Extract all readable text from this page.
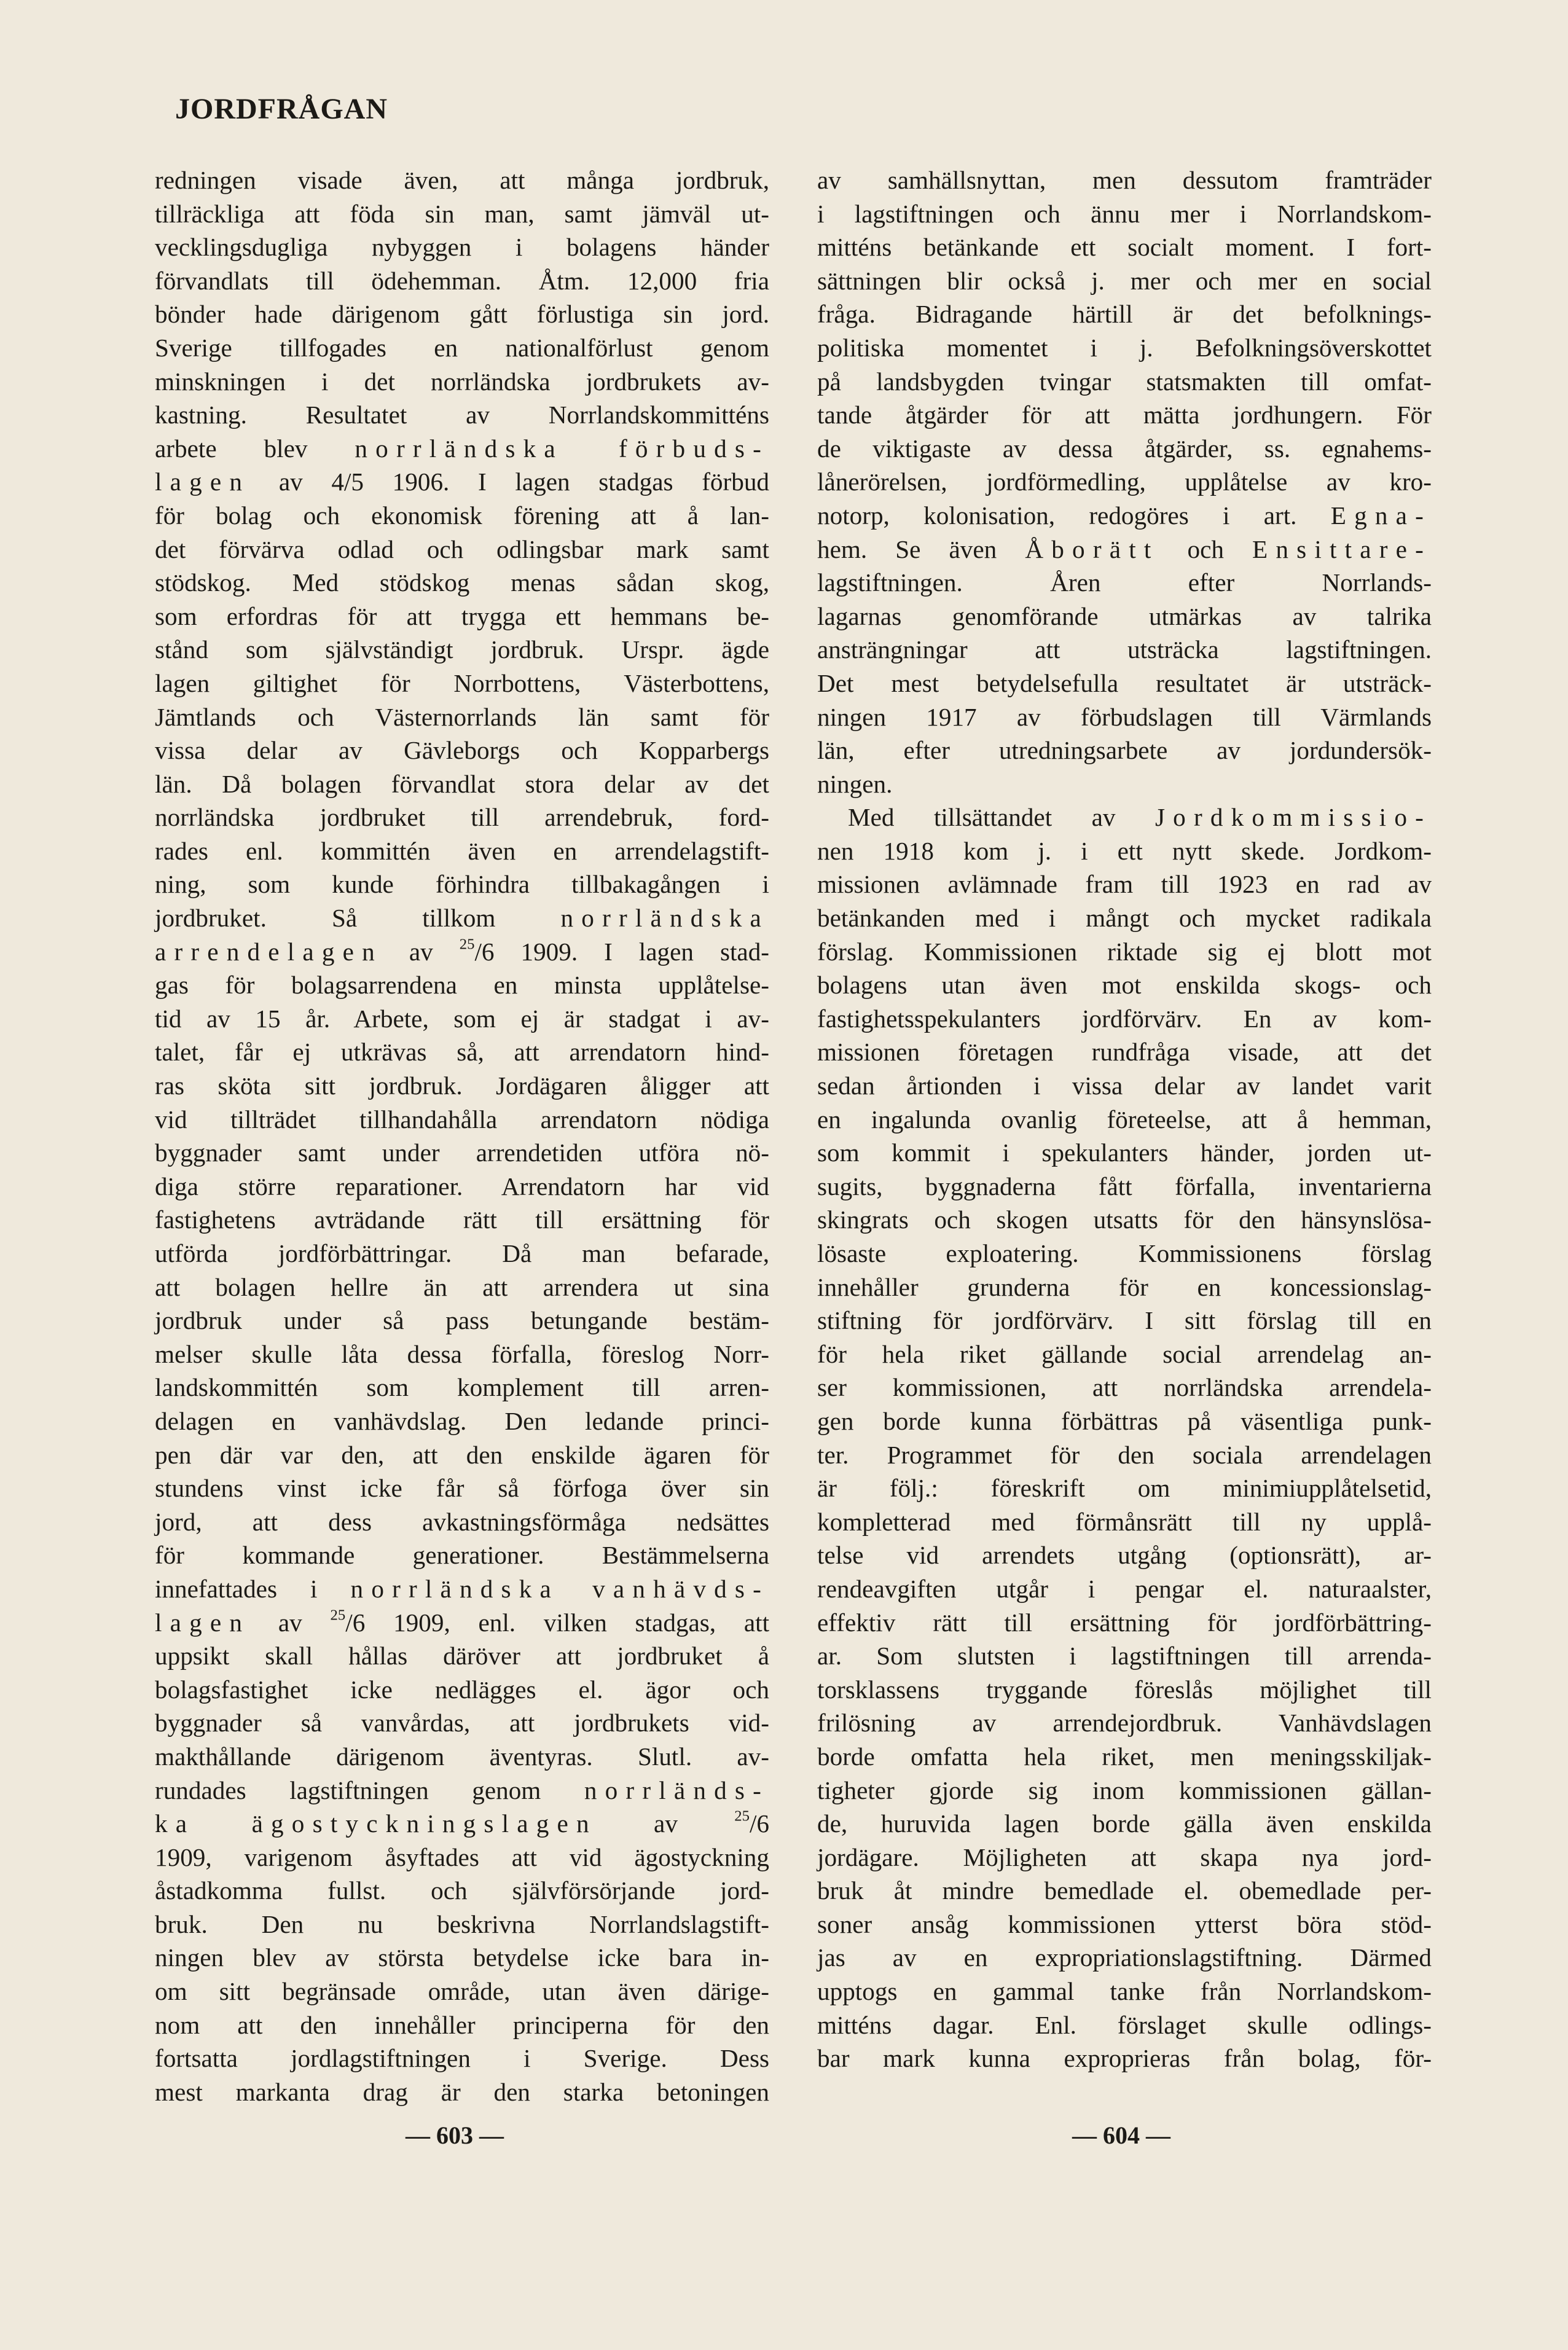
JORDFRÅGAN
redningen visade även, att många jordbruk,
tillräckliga att föda sin man, samt jämväl ut-
vecklingsdugliga nybyggen i bolagens händer
förvandlats till ödehemman. Åtm. 12,000 fria
bönder hade därigenom gått förlustiga sin jord.
Sverige tillfogades en nationalförlust genom
minskningen i det norrländska jordbrukets av-
kastning. Resultatet av Norrlandskommitténs
arbete blev norrländska förbuds-
lagen av 4/5 1906. I lagen stadgas förbud
för bolag och ekonomisk förening att å lan-
det förvärva odlad och odlingsbar mark samt
stödskog. Med stödskog menas sådan skog,
som erfordras för att trygga ett hemmans be-
stånd som självständigt jordbruk. Urspr. ägde
lagen giltighet för Norrbottens, Västerbottens,
Jämtlands och Västernorrlands län samt för
vissa delar av Gävleborgs och Kopparbergs
län. Då bolagen förvandlat stora delar av det
norrländska jordbruket till arrendebruk, ford-
rades enl. kommittén även en arrendelagstift-
ning, som kunde förhindra tillbakagången i
jordbruket. Så tillkom	norrländska
arrendelagen av $^{25}$/6 1909. I lagen stad-
gas för bolagsarrendena en minsta upplåtelse-
tid av 15 år. Arbete, som ej är stadgat i av-
talet, får ej utkrävas så, att arrendatorn hind-
ras sköta sitt jordbruk. Jordägaren åligger att
vid tillträdet tillhandahålla arrendatorn nödiga
byggnader samt under arrendetiden utföra nö-
diga större reparationer. Arrendatorn har vid
fastighetens avträdande rätt till ersättning för
utförda jordförbättringar. Då man befarade,
att bolagen hellre än att arrendera ut sina
jordbruk under så pass betungande bestäm-
melser skulle låta dessa förfalla, föreslog Norr-
landskommittén som komplement till arren-
delagen en vanhävdslag. Den ledande princi-
pen där var den, att den enskilde ägaren för
stundens vinst icke får så förfoga över sin
jord, att dess avkastningsförmåga nedsättes
för kommande generationer. Bestämmelserna
innefattades i norrländska vanhävds-
lagen av $^{25}$/6 1909, enl. vilken stadgas, att
uppsikt skall hållas däröver att jordbruket å
bolagsfastighet icke nedlägges el. ägor och
byggnader så vanvårdas, att jordbrukets vid-
makthållande därigenom äventyras. Slutl. av-
rundades lagstiftningen genom norrländs-
ka ägostyckningslagen av	$^{25}$/6
1909, varigenom åsyftades att vid ägostyckning
åstadkomma fullst. och självförsörjande jord-
bruk. Den nu beskrivna Norrlandslagstift-
ningen blev av största betydelse icke bara in-
om sitt begränsade område, utan även därige-
nom att den innehåller principerna för den
fortsatta jordlagstiftningen i Sverige. Dess
mest markanta drag är den starka betoningen
av samhällsnyttan, men dessutom framträder
i lagstiftningen och ännu mer i Norrlandskom-
mitténs betänkande ett socialt moment. I fort-
sättningen blir också j. mer och mer en social
fråga. Bidragande härtill är det befolknings-
politiska momentet i j. Befolkningsöverskottet
på landsbygden tvingar statsmakten till omfat-
tande åtgärder för att mätta jordhungern. För
de viktigaste av dessa åtgärder, ss. egnahems-
lånerörelsen, jordförmedling, upplåtelse av kro-
notorp, kolonisation, redogöres i art. Egna-
hem. Se även Åborätt och Ensittare-
lagstiftningen. Åren efter Norrlands-
lagarnas genomförande utmärkas av talrika
ansträngningar att utsträcka lagstiftningen.
Det mest betydelsefulla resultatet är utsträck-
ningen 1917 av förbudslagen till Värmlands
län, efter utredningsarbete av jordundersök-
ningen.
Med tillsättandet av Jordkommissio-
nen 1918 kom j. i ett nytt skede. Jordkom-
missionen avlämnade fram till 1923 en rad av
betänkanden med i mångt och mycket radikala
förslag. Kommissionen riktade sig ej blott mot
bolagens utan även mot enskilda skogs- och
fastighetsspekulanters jordförvärv. En av kom-
missionen företagen rundfråga visade, att det
sedan årtionden i vissa delar av landet varit
en ingalunda ovanlig företeelse, att å hemman,
som kommit i spekulanters händer, jorden ut-
sugits, byggnaderna fått förfalla, inventarierna
skingrats och skogen utsatts för den hänsynslösa-
lösaste exploatering. Kommissionens förslag
innehåller grunderna för en koncessionslag-
stiftning för jordförvärv. I sitt förslag till en
för hela riket gällande social arrendelag an-
ser kommissionen, att norrländska arrendela-
gen borde kunna förbättras på väsentliga punk-
ter. Programmet för den sociala arrendelagen
är följ.: föreskrift om minimiupplåtelsetid,
kompletterad med förmånsrätt till ny upplå-
telse vid arrendets utgång (optionsrätt), ar-
rendeavgiften utgår i pengar el. naturaalster,
effektiv rätt till ersättning för jordförbättring-
ar. Som slutsten i lagstiftningen till arrenda-
torsklassens tryggande föreslås möjlighet till
frilösning av arrendejordbruk. Vanhävdslagen
borde omfatta hela riket, men meningsskiljak-
tigheter gjorde sig inom kommissionen gällan-
de, huruvida lagen borde gälla även enskilda
jordägare. Möjligheten att skapa nya jord-
bruk åt mindre bemedlade el. obemedlade per-
soner ansåg kommissionen ytterst böra stöd-
jas av en expropriationslagstiftning. Därmed
upptogs en gammal tanke från Norrlandskom-
mitténs dagar. Enl. förslaget skulle odlings-
bar mark kunna exproprieras från bolag, för-
— 603 —	— 604 —
